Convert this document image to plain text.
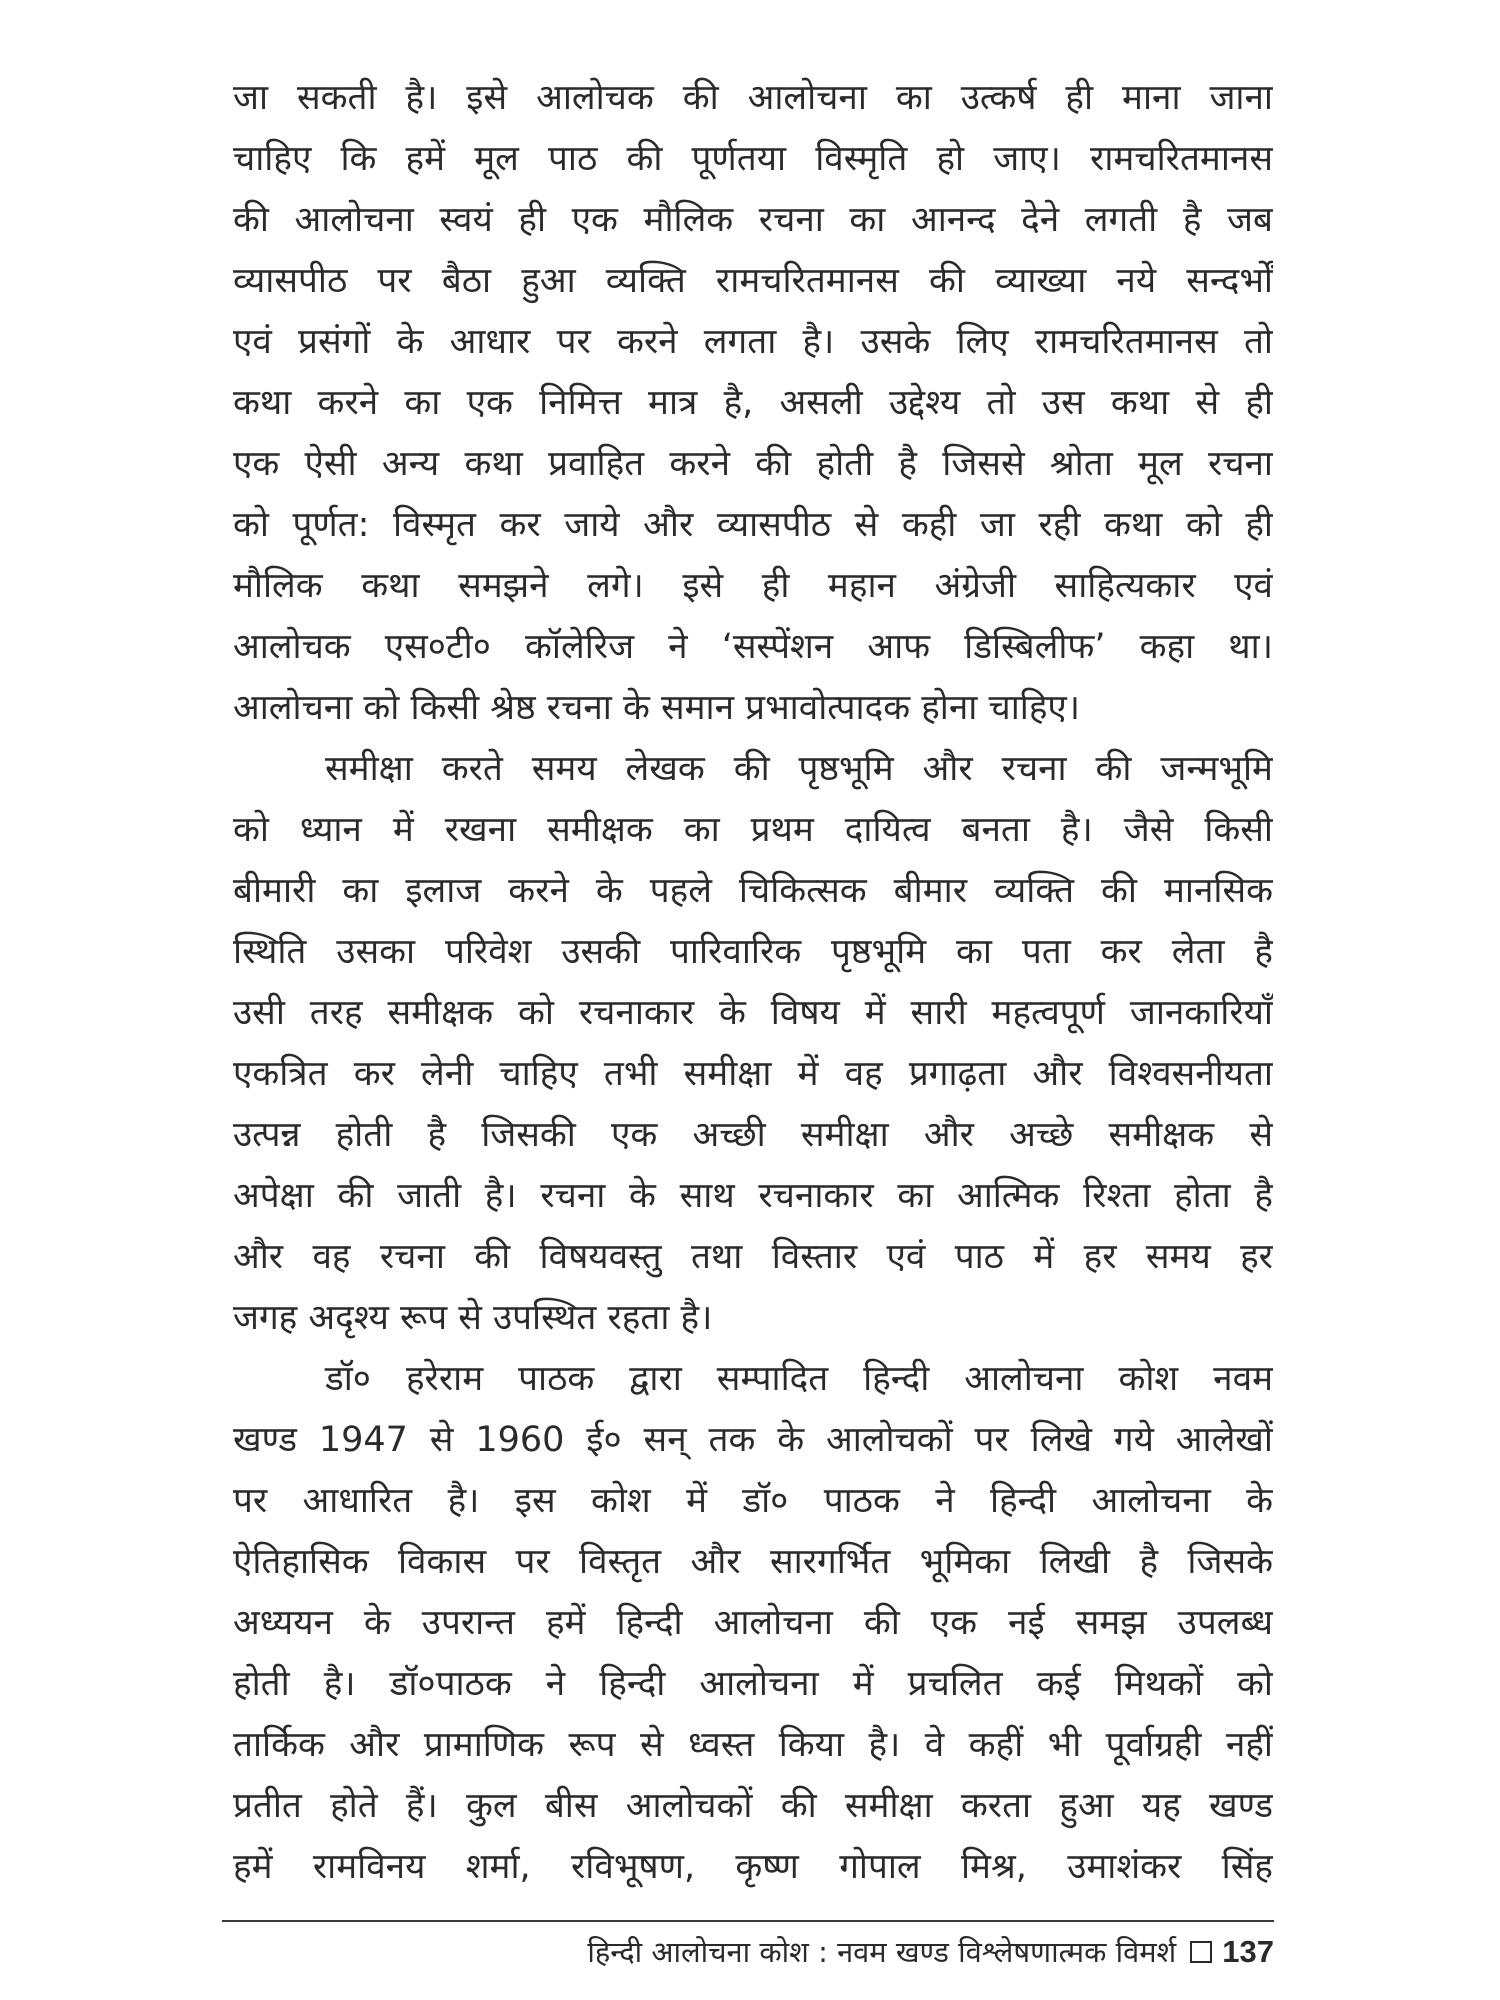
जा सकती है। इसे आलोचक की आलोचना का उत्कर्ष ही माना जाना
चाहिए कि हमें मूल पाठ की पूर्णतया विस्मृति हो जाए। रामचरितमानस
की आलोचना स्वयं ही एक मौलिक रचना का आनन्द देने लगती है जब
व्यासपीठ पर बैठा हुआ व्यक्ति रामचरितमानस की व्याख्या नये सन्दर्भों
एवं प्रसंगों के आधार पर करने लगता है। उसके लिए रामचरितमानस तो
कथा करने का एक निमित्त मात्र है, असली उद्देश्य तो उस कथा से ही
एक ऐसी अन्य कथा प्रवाहित करने की होती है जिससे श्रोता मूल रचना
को पूर्णत: विस्मृत कर जाये और व्यासपीठ से कही जा रही कथा को ही
मौलिक कथा समझने लगे। इसे ही महान अंग्रेजी साहित्यकार एवं
आलोचक एस०टी० कॉलेरिज ने ‘सस्पेंशन आफ डिस्बिलीफ’ कहा था।
आलोचना को किसी श्रेष्ठ रचना के समान प्रभावोत्पादक होना चाहिए।
समीक्षा करते समय लेखक की पृष्ठभूमि और रचना की जन्मभूमि
को ध्यान में रखना समीक्षक का प्रथम दायित्व बनता है। जैसे किसी
बीमारी का इलाज करने के पहले चिकित्सक बीमार व्यक्ति की मानसिक
स्थिति उसका परिवेश उसकी पारिवारिक पृष्ठभूमि का पता कर लेता है
उसी तरह समीक्षक को रचनाकार के विषय में सारी महत्वपूर्ण जानकारियाँ
एकत्रित कर लेनी चाहिए तभी समीक्षा में वह प्रगाढ़ता और विश्वसनीयता
उत्पन्न होती है जिसकी एक अच्छी समीक्षा और अच्छे समीक्षक से
अपेक्षा की जाती है। रचना के साथ रचनाकार का आत्मिक रिश्ता होता है
और वह रचना की विषयवस्तु तथा विस्तार एवं पाठ में हर समय हर
जगह अदृश्य रूप से उपस्थित रहता है।
डॉ० हरेराम पाठक द्वारा सम्पादित हिन्दी आलोचना कोश नवम
खण्ड 1947 से 1960 ई० सन् तक के आलोचकों पर लिखे गये आलेखों
पर आधारित है। इस कोश में डॉ० पाठक ने हिन्दी आलोचना के
ऐतिहासिक विकास पर विस्तृत और सारगर्भित भूमिका लिखी है जिसके
अध्ययन के उपरान्त हमें हिन्दी आलोचना की एक नई समझ उपलब्ध
होती है। डॉ०पाठक ने हिन्दी आलोचना में प्रचलित कई मिथकों को
तार्किक और प्रामाणिक रूप से ध्वस्त किया है। वे कहीं भी पूर्वाग्रही नहीं
प्रतीत होते हैं। कुल बीस आलोचकों की समीक्षा करता हुआ यह खण्ड
हमें रामविनय शर्मा, रविभूषण, कृष्ण गोपाल मिश्र, उमाशंकर सिंह
हिन्दी आलोचना कोश : नवम खण्ड विश्लेषणात्मक विमर्श 137
